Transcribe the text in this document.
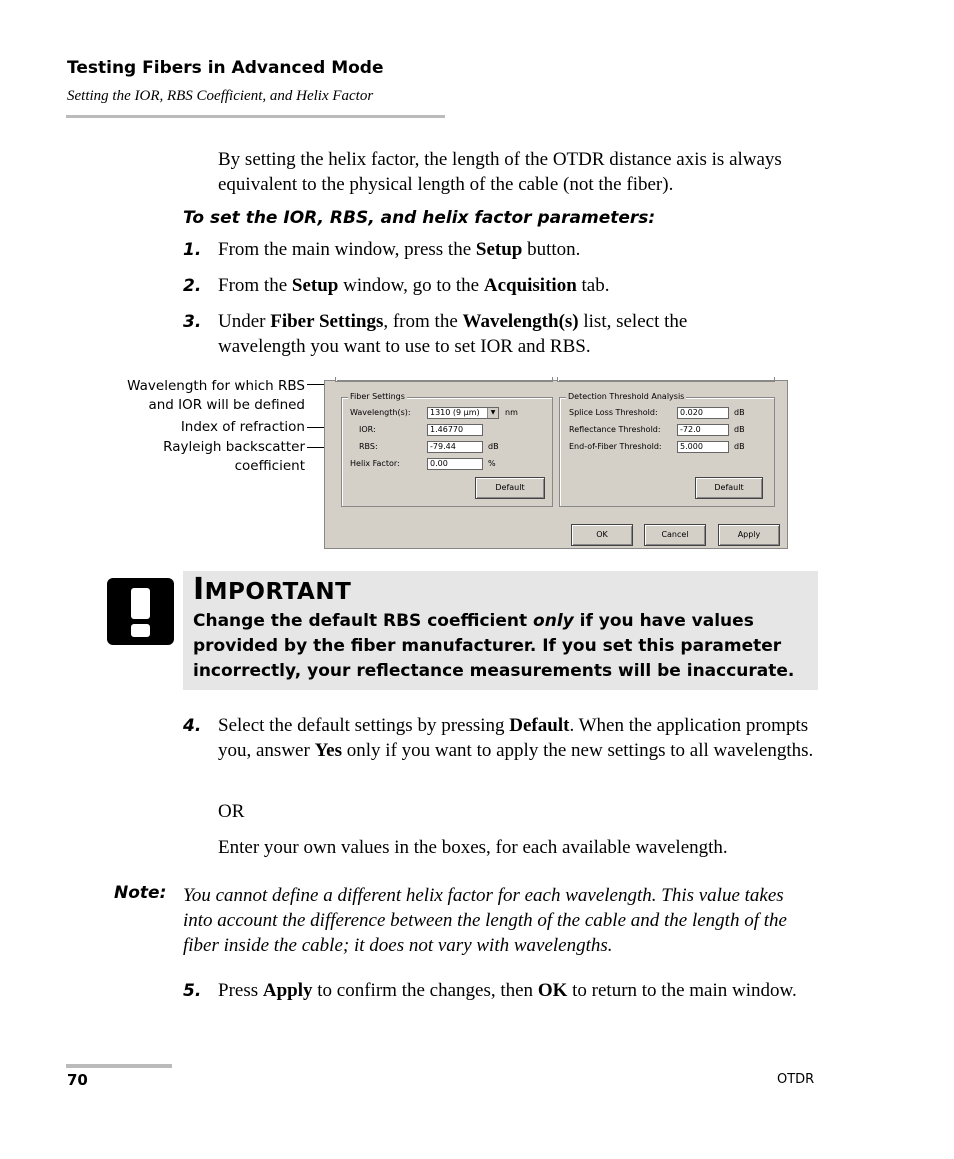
Testing Fibers in Advanced Mode
Setting the IOR, RBS Coefficient, and Helix Factor
By setting the helix factor, the length of the OTDR distance axis is always equivalent to the physical length of the cable (not the fiber).
To set the IOR, RBS, and helix factor parameters:
1. From the main window, press the Setup button.
2. From the Setup window, go to the Acquisition tab.
3. Under Fiber Settings, from the Wavelength(s) list, select the wavelength you want to use to set IOR and RBS.
Wavelength for which RBS and IOR will be defined
Index of refraction
Rayleigh backscatter coefficient
Fiber Settings
Wavelength(s):	1310 (9 µm)	▼	nm
IOR:	1.46770
RBS:	-79.44	dB
Helix Factor:	0.00	%
Default
Detection Threshold Analysis
Splice Loss Threshold:	0.020	dB
Reflectance Threshold:	-72.0	dB
End-of-Fiber Threshold:	5.000	dB
Default
OK	Cancel	Apply
IMPORTANT
Change the default RBS coefficient only if you have values provided by the fiber manufacturer. If you set this parameter incorrectly, your reflectance measurements will be inaccurate.
4. Select the default settings by pressing Default. When the application prompts you, answer Yes only if you want to apply the new settings to all wavelengths.
OR
Enter your own values in the boxes, for each available wavelength.
Note: You cannot define a different helix factor for each wavelength. This value takes into account the difference between the length of the cable and the length of the fiber inside the cable; it does not vary with wavelengths.
5. Press Apply to confirm the changes, then OK to return to the main window.
70	OTDR
